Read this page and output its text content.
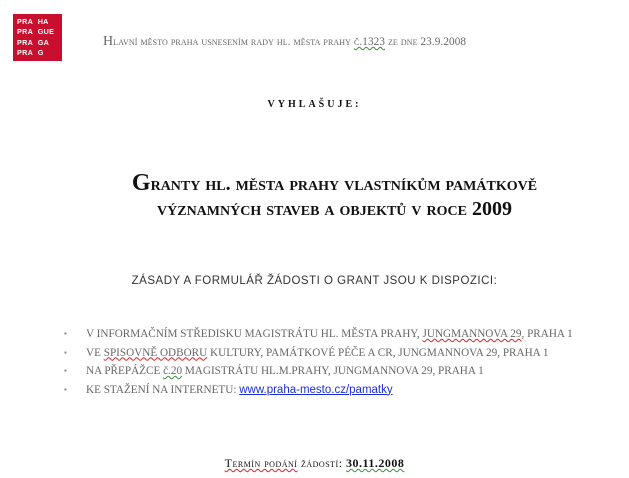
PRA HA
PRA GUE
PRA GA
PRA G
Hlavní město praha usnesením rady hl. města prahy č.1323 ze dne 23.9.2008
VYHLAŠUJE:
Granty hl. města prahy vlastníkům památkově
významných staveb a objektů v roce 2009
ZÁSADY A FORMULÁŘ ŽÁDOSTI O GRANT JSOU K DISPOZICI:
▪ V INFORMAČNÍM STŘEDISKU MAGISTRÁTU HL. MĚSTA PRAHY, JUNGMANNOVA 29, PRAHA 1
▪ VE SPISOVNĚ ODBORU KULTURY, PAMÁTKOVÉ PÉČE A CR, JUNGMANNOVA 29, PRAHA 1
▪ NA PŘEPÁŽCE č.20 MAGISTRÁTU HL.M.PRAHY, JUNGMANNOVA 29, PRAHA 1
▪ KE STAŽENÍ NA INTERNETU: www.praha-mesto.cz/pamatky
Termín podání žádostí: 30.11.2008
